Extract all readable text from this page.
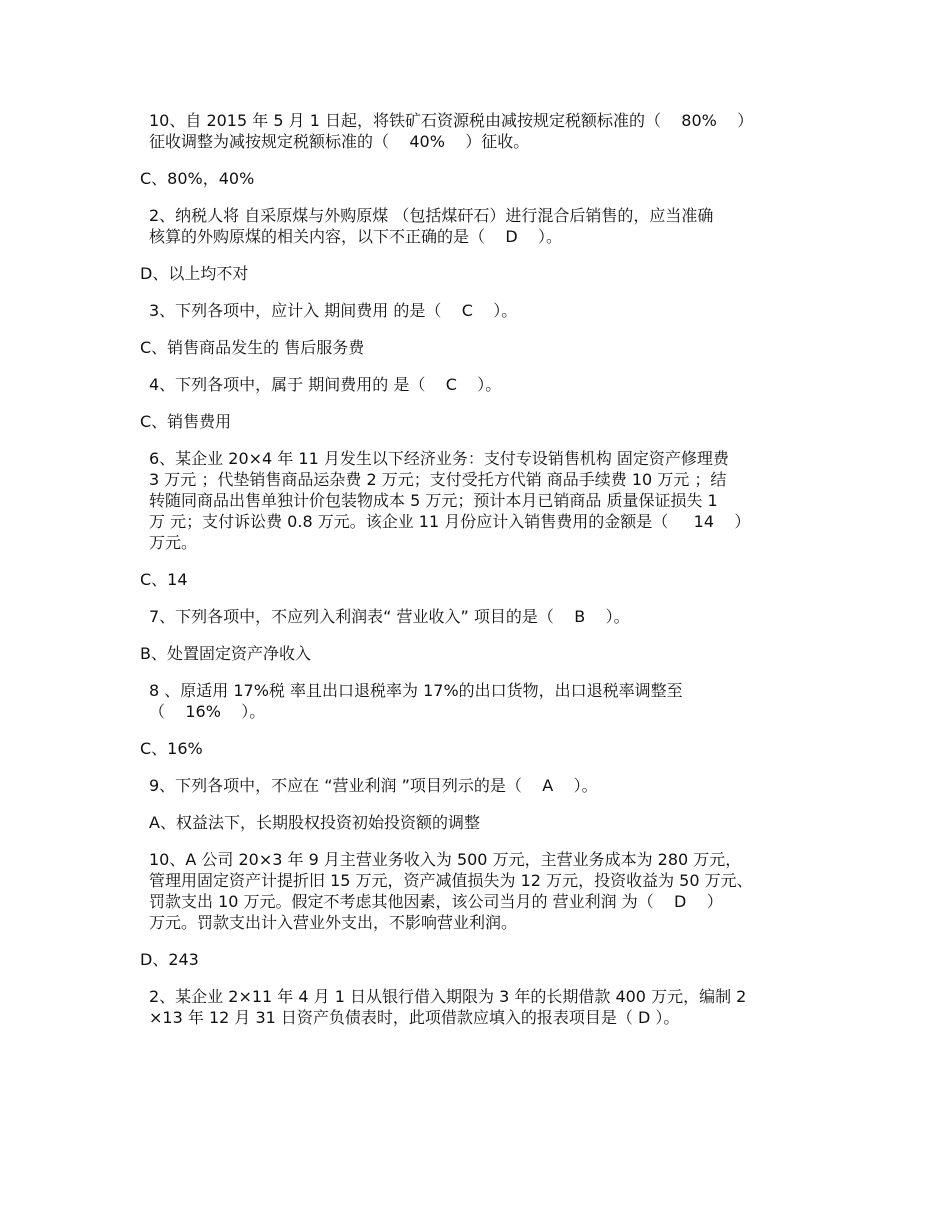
10、自 2015 年 5 月 1 日起，将铁矿石资源税由减按规定税额标准的（    80%    ）
征收调整为减按规定税额标准的（    40%    ）征收。
C、80%，40%
2、纳税人将 自采原煤与外购原煤 （包括煤矸石）进行混合后销售的，应当准确
核算的外购原煤的相关内容，以下不正确的是（    D    ）。
D、以上均不对
3、下列各项中，应计入 期间费用 的是（    C    ）。
C、销售商品发生的 售后服务费
4、下列各项中，属于 期间费用的 是（    C    ）。
C、销售费用
6、某企业 20×4 年 11 月发生以下经济业务：支付专设销售机构 固定资产修理费
3 万元 ；代垫销售商品运杂费 2 万元；支付受托方代销 商品手续费 10 万元 ；结
转随同商品出售单独计价包装物成本 5 万元；预计本月已销商品 质量保证损失 1
万 元；支付诉讼费 0.8 万元。该企业 11 月份应计入销售费用的金额是（     14    ）
万元。
C、14
7、下列各项中，不应列入利润表“ 营业收入” 项目的是（    B    ）。
B、处置固定资产净收入
8 、原适用 17%税 率且出口退税率为 17%的出口货物，出口退税率调整至
（    16%    ）。
C、16%
9、下列各项中，不应在 “营业利润 ”项目列示的是（    A    ）。
A、权益法下，长期股权投资初始投资额的调整
10、A 公司 20×3 年 9 月主营业务收入为 500 万元，主营业务成本为 280 万元，
管理用固定资产计提折旧 15 万元，资产减值损失为 12 万元，投资收益为 50 万元、
罚款支出 10 万元。假定不考虑其他因素，该公司当月的 营业利润 为（    D    ）
万元。罚款支出计入营业外支出，不影响营业利润。
D、243
2、某企业 2×11 年 4 月 1 日从银行借入期限为 3 年的长期借款 400 万元，编制 2
×13 年 12 月 31 日资产负债表时，此项借款应填入的报表项目是（ D ）。
